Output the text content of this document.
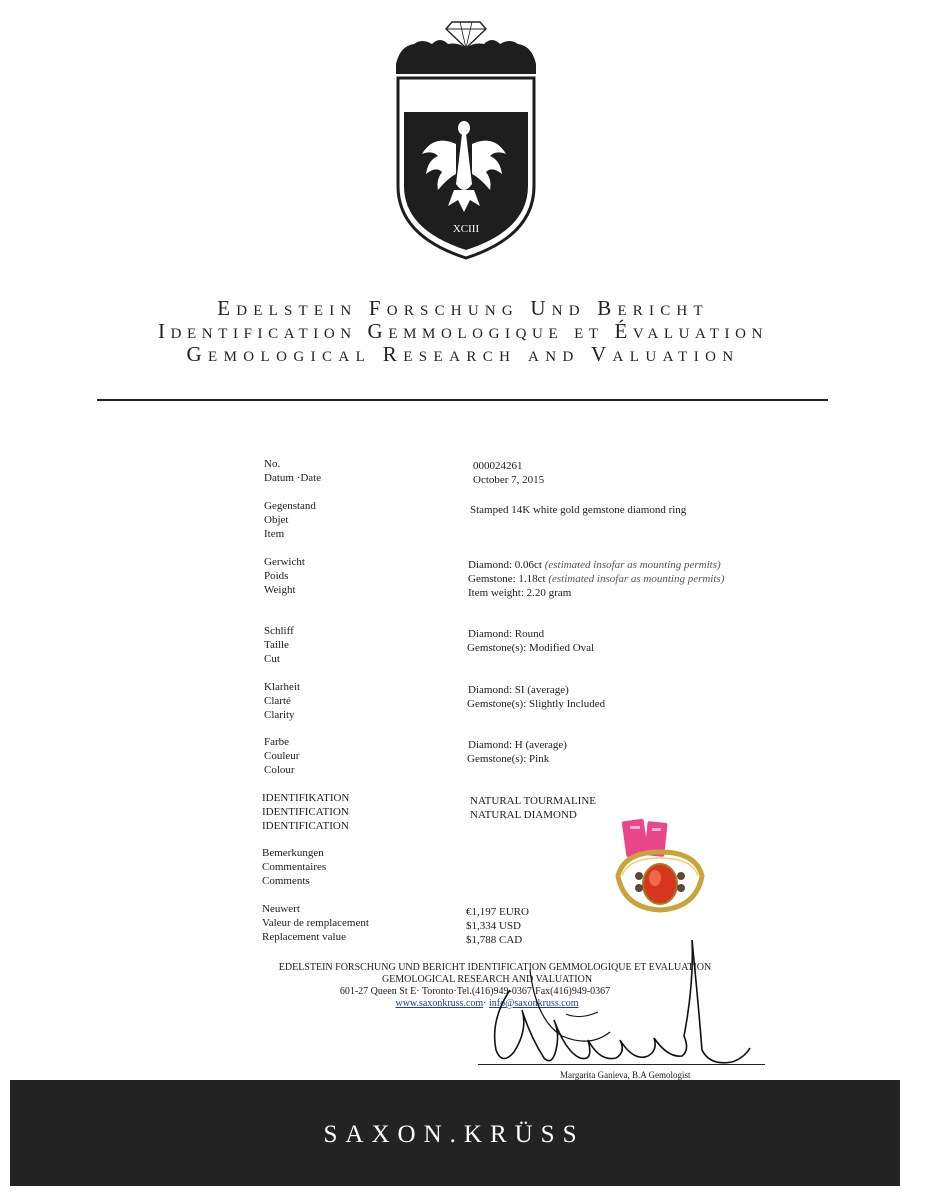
XCIII
Edelstein Forschung Und Bericht
Identification Gemmologique et Évaluation
Gemological Research and Valuation
No.
Datum ·Date
000024261
October 7, 2015
Gegenstand
Objet
Item
Stamped 14K white gold gemstone diamond ring
Gerwicht
Poids
Weight
Diamond: 0.06ct (estimated insofar as mounting permits)
Gemstone: 1.18ct (estimated insofar as mounting permits)
Item weight: 2.20 gram
Schliff
Taille
Cut
Diamond: Round
Gemstone(s): Modified Oval
Klarheit
Clarté
Clarity
Diamond: SI (average)
Gemstone(s): Slightly Included
Farbe
Couleur
Colour
Diamond: H (average)
Gemstone(s): Pink
IDENTIFIKATION
IDENTIFICATION
IDENTIFICATION
NATURAL TOURMALINE
NATURAL DIAMOND
Bemerkungen
Commentaires
Comments
Neuwert
Valeur de remplacement
Replacement value
€1,197 EURO
$1,334 USD
$1,788 CAD
EDELSTEIN FORSCHUNG UND BERICHT IDENTIFICATION GEMMOLOGIQUE ET EVALUATION
GEMOLOGICAL RESEARCH AND VALUATION
601-27 Queen St E· Toronto·Tel.(416)949-0367·Fax(416)949-0367
www.saxonkruss.com· info@saxonkruss.com
Margarita Ganieva, B.A Gemologist
SAXON.KRÜSS
